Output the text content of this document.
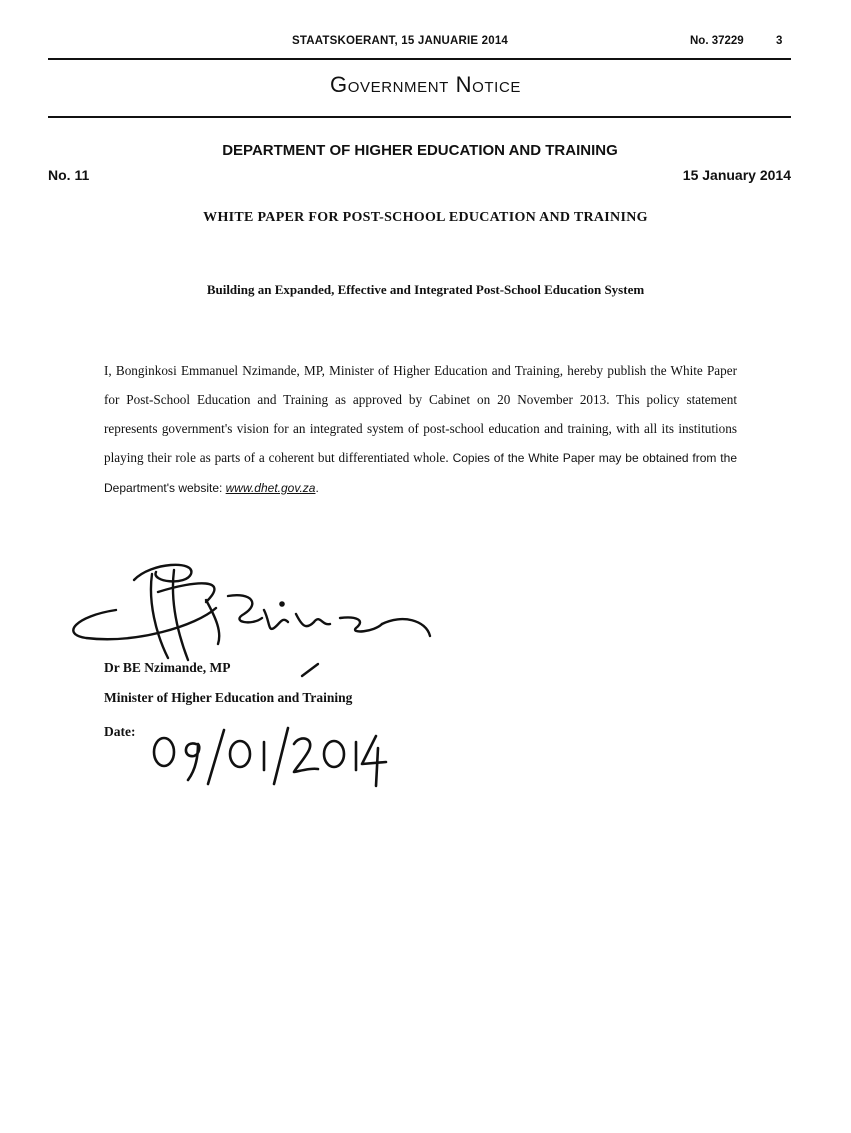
STAATSKOERANT, 15 JANUARIE 2014	No. 37229	3
Government Notice
DEPARTMENT OF HIGHER EDUCATION AND TRAINING
No. 11	15 January 2014
WHITE PAPER FOR POST-SCHOOL EDUCATION AND TRAINING
Building an Expanded, Effective and Integrated Post-School Education System
I, Bonginkosi Emmanuel Nzimande, MP, Minister of Higher Education and Training, hereby publish the White Paper for Post-School Education and Training as approved by Cabinet on 20 November 2013. This policy statement represents government's vision for an integrated system of post-school education and training, with all its institutions playing their role as parts of a coherent but differentiated whole. Copies of the White Paper may be obtained from the Department's website: www.dhet.gov.za.
Dr BE Nzimande, MP
Minister of Higher Education and Training
Date:
09/01/2014
